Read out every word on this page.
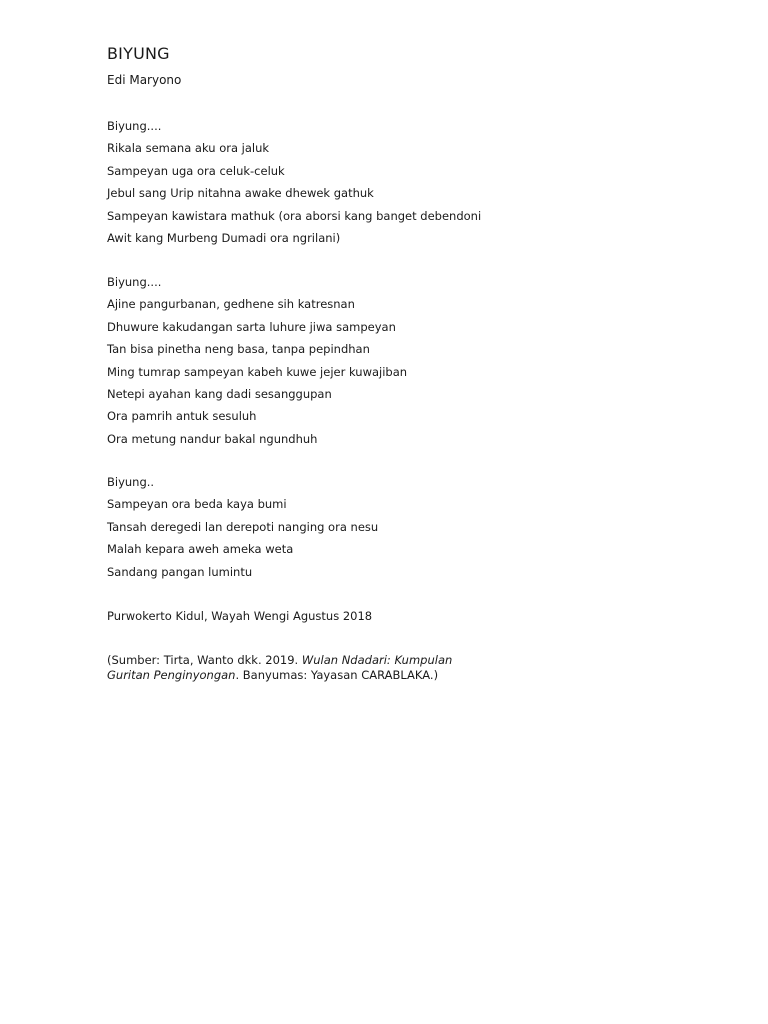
BIYUNG
Edi Maryono
Biyung....
Rikala semana aku ora jaluk
Sampeyan uga ora celuk-celuk
Jebul sang Urip nitahna awake dhewek gathuk
Sampeyan kawistara mathuk (ora aborsi kang banget debendoni
Awit kang Murbeng Dumadi ora ngrilani)
Biyung....
Ajine pangurbanan, gedhene sih katresnan
Dhuwure kakudangan sarta luhure jiwa sampeyan
Tan bisa pinetha neng basa, tanpa pepindhan
Ming tumrap sampeyan kabeh kuwe jejer kuwajiban
Netepi ayahan kang dadi sesanggupan
Ora pamrih antuk sesuluh
Ora metung nandur bakal ngundhuh
Biyung..
Sampeyan ora beda kaya bumi
Tansah deregedi lan derepoti nanging ora nesu
Malah kepara aweh ameka weta
Sandang pangan lumintu
Purwokerto Kidul, Wayah Wengi Agustus 2018
(Sumber: Tirta, Wanto dkk. 2019. Wulan Ndadari: Kumpulan Guritan Penginyongan. Banyumas: Yayasan CARABLAKA.)
